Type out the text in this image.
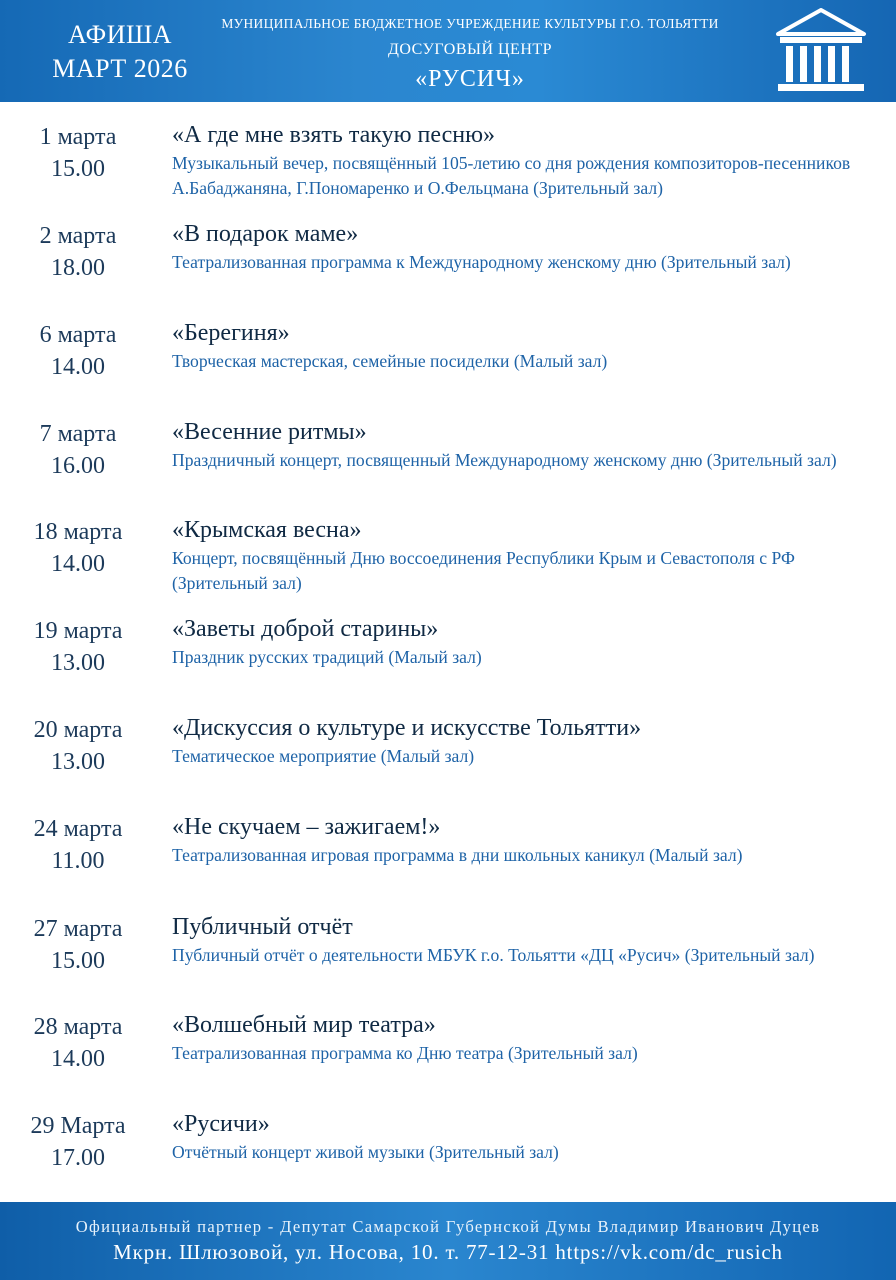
АФИША
МАРТ 2026
МУНИЦИПАЛЬНОЕ БЮДЖЕТНОЕ УЧРЕЖДЕНИЕ КУЛЬТУРЫ Г.О. ТОЛЬЯТТИ
ДОСУГОВЫЙ ЦЕНТР
«РУСИЧ»
1 марта
15.00
«А где мне взять такую песню»
Музыкальный вечер, посвящённый 105-летию со дня рождения композиторов-песенников А.Бабаджаняна, Г.Пономаренко и О.Фельцмана (Зрительный зал)
2 марта
18.00
«В подарок маме»
Театрализованная программа к Международному женскому дню (Зрительный зал)
6 марта
14.00
«Берегиня»
Творческая мастерская, семейные посиделки (Малый зал)
7 марта
16.00
«Весенние ритмы»
Праздничный концерт, посвященный Международному женскому дню (Зрительный зал)
18 марта
14.00
«Крымская весна»
Концерт, посвящённый Дню воссоединения Республики Крым и Севастополя с РФ (Зрительный зал)
19 марта
13.00
«Заветы доброй старины»
Праздник русских традиций (Малый зал)
20 марта
13.00
«Дискуссия о культуре и искусстве Тольятти»
Тематическое мероприятие (Малый зал)
24 марта
11.00
«Не скучаем – зажигаем!»
Театрализованная игровая программа в дни школьных каникул (Малый зал)
27 марта
15.00
Публичный отчёт
Публичный отчёт о деятельности МБУК г.о. Тольятти «ДЦ «Русич» (Зрительный зал)
28 марта
14.00
«Волшебный мир театра»
Театрализованная программа ко Дню театра (Зрительный зал)
29 Марта
17.00
«Русичи»
Отчётный концерт живой музыки (Зрительный зал)
Официальный партнер - Депутат Самарской Губернской Думы Владимир Иванович Дуцев
Мкрн. Шлюзовой, ул. Носова, 10. т. 77-12-31 https://vk.com/dc_rusich
